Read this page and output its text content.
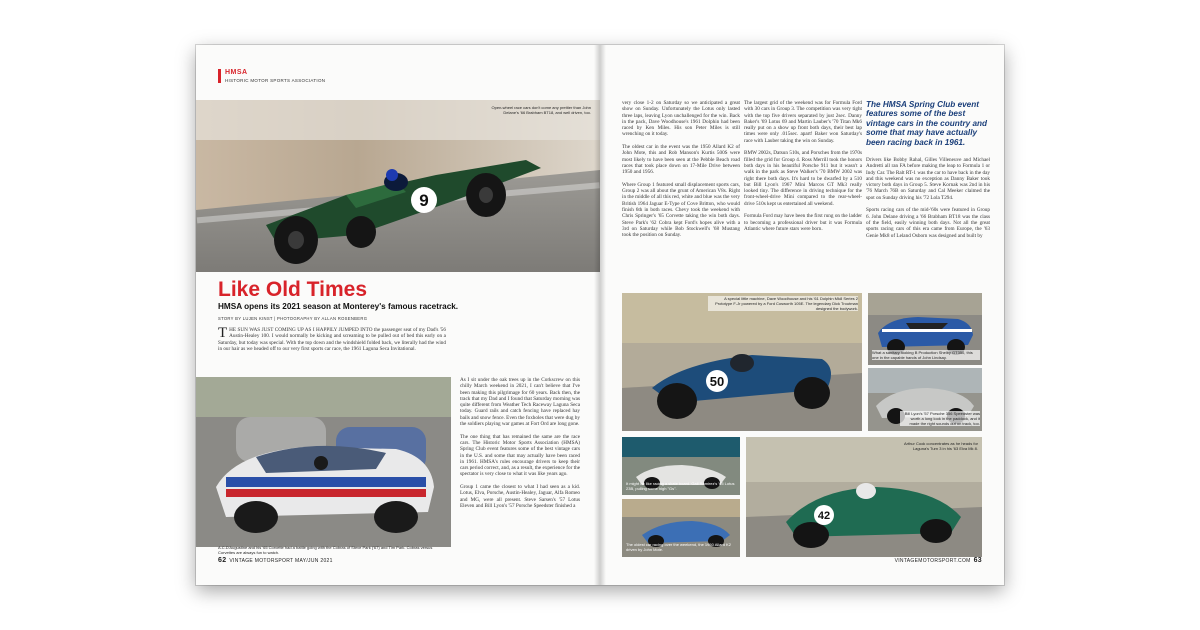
HMSA
HISTORIC MOTOR SPORTS ASSOCIATION
9
Open-wheel race cars don't come any prettier than John Delane's '66 Brabham BT18, and well driven, too.
Like Old Times
HMSA opens its 2021 season at Monterey's famous racetrack.
STORY BY LUJEN KINST | PHOTOGRAPHY BY ALLAN ROSENBERG
T HE SUN WAS JUST COMING UP AS I HAPPILY JUMPED INTO the passenger seat of my Dad's '56 Austin-Healey 100. I would normally be kicking and screaming to be pulled out of bed this early on a Saturday, but today was special. With the top down and the windshield folded back, we literally had the wind in our hair as we headed off to our very first sports car race, the 1961 Laguna Seca Invitational.
As I sit under the oak trees up in the Corkscrew on this chilly March weekend in 2021, I can't believe that I've been making this pilgrimage for 60 years. Back then, the track that my Dad and I found that Saturday morning was quite different from Weather Tech Raceway Laguna Seca today. Guard rails and catch fencing have replaced hay bails and snow fence. Even the foxholes that were dug by the soldiers playing war games at Fort Ord are long gone.

The one thing that has remained the same are the race cars. The Historic Motor Sports Association (HMSA) Spring Club event features some of the best vintage cars in the U.S. and some that may actually have been raced in 1961. HMSA's rules encourage drivers to keep their cars period correct, and, as a result, the experience for the spectator is very close to what it was like years ago.

Group 1 came the closest to what I had seen as a kid. Lotus, Elva, Porsche, Austin-Healey, Jaguar, Alfa Romeo and MG, were all present. Steve Sarsen's '57 Lotus Eleven and Bill Lyon's '57 Porsche Speedster finished a
A.C.D'Augustine and his '65 Corvette had a battle going with the Cobras of Steve Park ('67) and Tim Park. Cobras versus Corvettes are always fun to watch.
62 VINTAGE MOTORSPORT MAY/JUN 2021
very close 1-2 on Saturday so we anticipated a great show on Sunday. Unfortunately the Lotus only lasted three laps, leaving Lyon unchallenged for the win. Back in the pack, Dave Woodhouse's 1961 Dolphin had been raced by Ken Miles. His son Peter Miles is still wrenching on it today.

The oldest car in the event was the 1950 Allard K2 of John Mote, this and Rob Manson's Kurtis 500S were most likely to have been seen at the Pebble Beach road races that took place down on 17-Mile Drive between 1950 and 1956.

Where Group 1 featured small displacement sports cars, Group 2 was all about the grunt of American V8s. Right in the middle of all this red, white and blue was the very British 1964 Jaguar E-Type of Cove Britton, who would finish 6th in both races. Chevy took the weekend with Chris Springer's '65 Corvette taking the win both days. Steve Park's '62 Cobra kept Ford's hopes alive with a 3rd on Saturday while Bob Stockwell's '68 Mustang took the position on Sunday.
The largest grid of the weekend was for Formula Ford with 30 cars in Group 3. The competition was very tight with the top five drivers separated by just 2sec. Danny Baker's '69 Lotus 69 and Martin Lauber's '70 Titan Mk6 really put on a show up front both days, their best lap times were only .015sec. apart! Baker won Saturday's race with Lauber taking the win on Sunday.

BMW 2002s, Datsun 510s, and Porsches from the 1970s filled the grid for Group 4. Ross Merrill took the honors both days in his beautiful Porsche 911 but it wasn't a walk in the park as Steve Walker's '70 BMW 2002 was right there both days. It's hard to be dwarfed by a 510 but Bill Lyon's 1967 Mini Marcos GT Mk3 really looked tiny. The difference in driving technique for the front-wheel-drive Mini compared to the rear-wheel-drive 510s kept us entertained all weekend.

Formula Ford may have been the first rung on the ladder to becoming a professional driver but it was Formula Atlantic where future stars were born.
The HMSA Spring Club event features some of the best vintage cars in the country and some that may have actually been racing back in 1961.
Drivers like Bobby Rahal, Gilles Villeneuve and Michael Andretti all ran FA before making the leap to Formula 1 or Indy Car. The Ralt RT-1 was the car to have back in the day and this weekend was no exception as Danny Baker took victory both days in Group 5. Steve Kornak was 2nd in his '76 March 76B on Saturday and Cal Meeker claimed the spot on Sunday driving his '72 Lola T294.

Sports racing cars of the mid-'60s were featured in Group 6. John Delane driving a '66 Brabham BT18 was the class of the field, easily winning both days. Not all the great sports racing cars of this era came from Europe, the '63 Genie Mk8 of Leland Osborn was designed and built by
50
A special little machine, Dave Woodhouse and his '61 Dolphin Mk8 Series 2 Prototype F-Jr powered by a Ford Cosworth 105E. The legendary Dick Troutman designed the bodywork.
What a sanitary looking B Production Shelby GT350, this one in the capable hands of John Lindsay.
Bill Lyon's '57 Porsche 356 Speedster was worth a long look in the paddock, and it made the right sounds out on track, too.
It might be like racing a skate board. Gail Ramirez's '65 Lotus 23B, pulling some high "Gs".
The oldest car racing over the weekend, the 1950 Allard K2 driven by John Mote.
42
Arthur Cook concentrates as he heads for Laguna's Turn 3 in his '63 Elva Mk 8.
VINTAGEMOTORSPORT.COM 63
